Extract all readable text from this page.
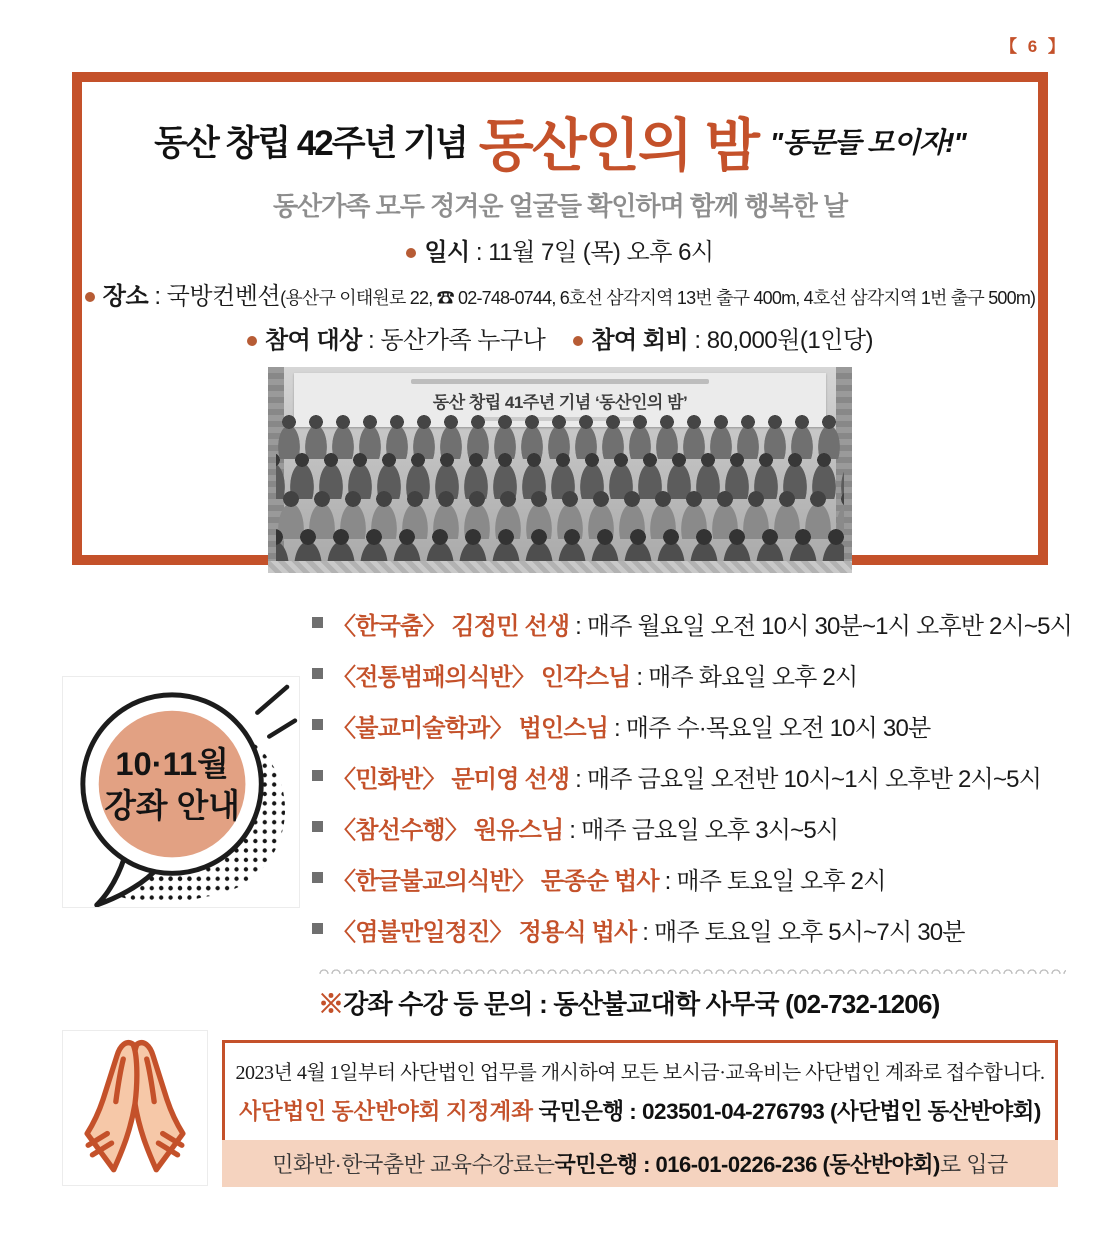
【 6 】
동산 창립 42주년 기념 동산인의 밤 "동문들 모이자!"
동산가족 모두 정겨운 얼굴들 확인하며 함께 행복한 날
일시 : 11월 7일 (목) 오후 6시
장소 : 국방컨벤션(용산구 이태원로 22, ☎ 02-748-0744, 6호선 삼각지역 13번 출구 400m, 4호선 삼각지역 1번 출구 500m)
참여 대상 : 동산가족 누구나 참여 회비 : 80,000원(1인당)
동산 창립 41주년 기념 ‘동산인의 밤’
〈한국춤〉 김정민 선생 : 매주 월요일 오전 10시 30분~1시 오후반 2시~5시
〈전통범패의식반〉 인각스님 : 매주 화요일 오후 2시
〈불교미술학과〉 법인스님 : 매주 수·목요일 오전 10시 30분
〈민화반〉 문미영 선생 : 매주 금요일 오전반 10시~1시 오후반 2시~5시
〈참선수행〉 원유스님 : 매주 금요일 오후 3시~5시
〈한글불교의식반〉 문종순 법사 : 매주 토요일 오후 2시
〈염불만일정진〉 정용식 법사 : 매주 토요일 오후 5시~7시 30분
10·11월
강좌 안내
※강좌 수강 등 문의 : 동산불교대학 사무국 (02-732-1206)
2023년 4월 1일부터 사단법인 업무를 개시하여 모든 보시금·교육비는 사단법인 계좌로 접수합니다.
사단법인 동산반야회 지정계좌 국민은행 : 023501-04-276793 (사단법인 동산반야회)
민화반·한국춤반 교육수강료는 국민은행 : 016-01-0226-236 (동산반야회) 로 입금
